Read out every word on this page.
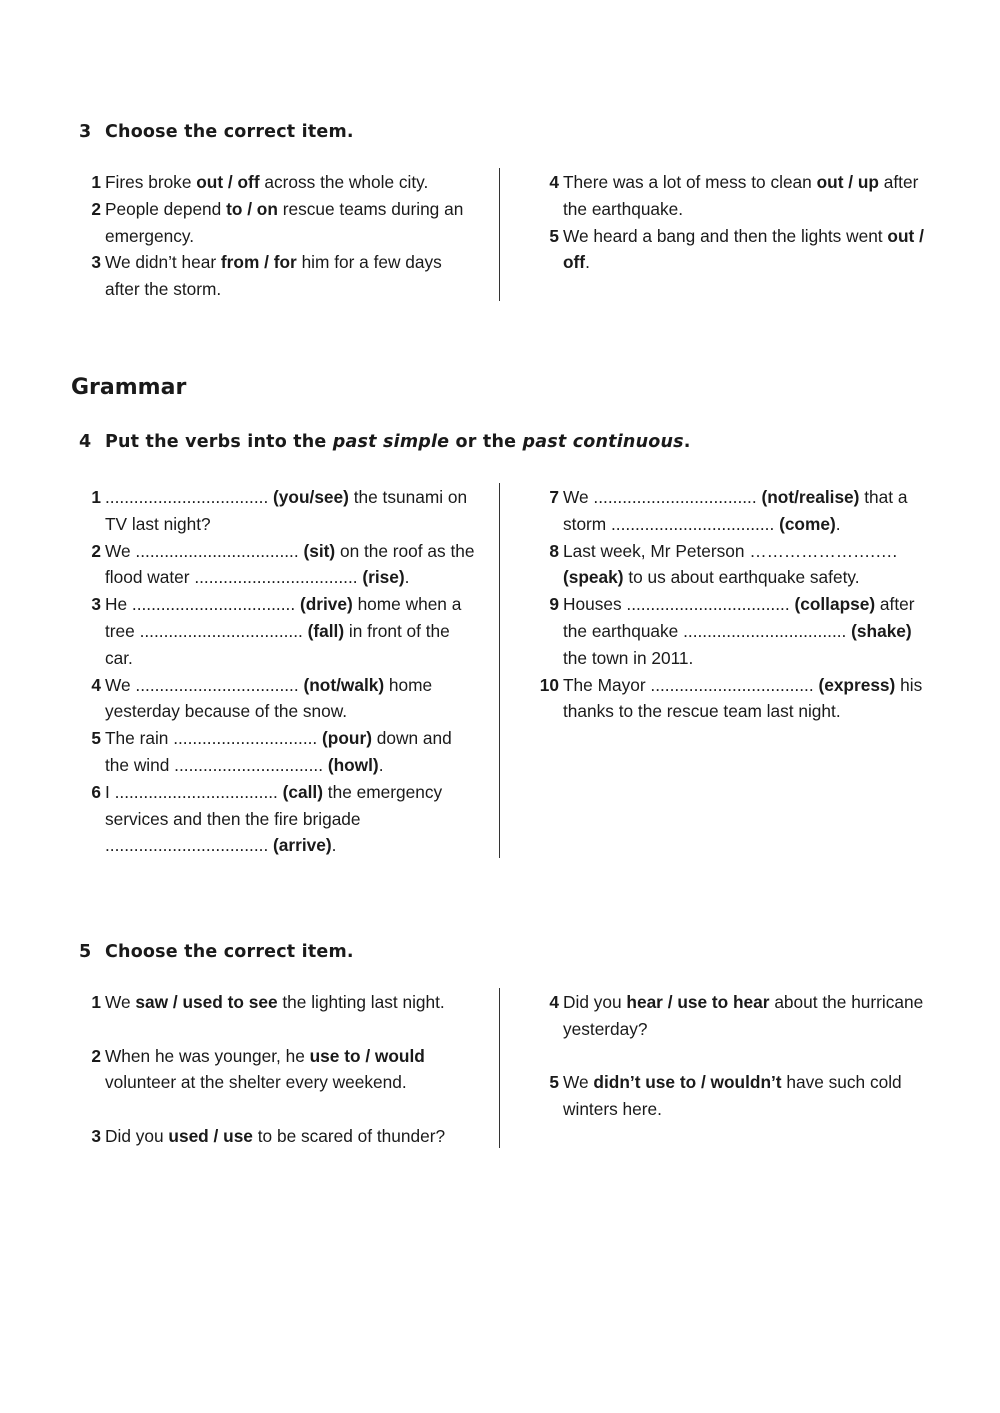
3 Choose the correct item.
1 Fires broke out / off across the whole city.
2 People depend to / on rescue teams during an emergency.
3 We didn’t hear from / for him for a few days after the storm.
4 There was a lot of mess to clean out / up after the earthquake.
5 We heard a bang and then the lights went out / off.
Grammar
4 Put the verbs into the past simple or the past continuous.
1 .................................. (you/see) the tsunami on TV last night?
2 We .................................. (sit) on the roof as the flood water .................................. (rise).
3 He .................................. (drive) home when a tree .................................. (fall) in front of the car.
4 We .................................. (not/walk) home yesterday because of the snow.
5 The rain .............................. (pour) down and the wind ............................... (howl).
6 I .................................. (call) the emergency services and then the fire brigade .................................. (arrive).
7 We .................................. (not/realise) that a storm .................................. (come).
8 Last week, Mr Peterson ………………….…. (speak) to us about earthquake safety.
9 Houses .................................. (collapse) after the earthquake .................................. (shake) the town in 2011.
10 The Mayor .................................. (express) his thanks to the rescue team last night.
5 Choose the correct item.
1 We saw / used to see the lighting last night.
2 When he was younger, he use to / would volunteer at the shelter every weekend.
3 Did you used / use to be scared of thunder?
4 Did you hear / use to hear about the hurricane yesterday?
5 We didn’t use to / wouldn’t have such cold winters here.
